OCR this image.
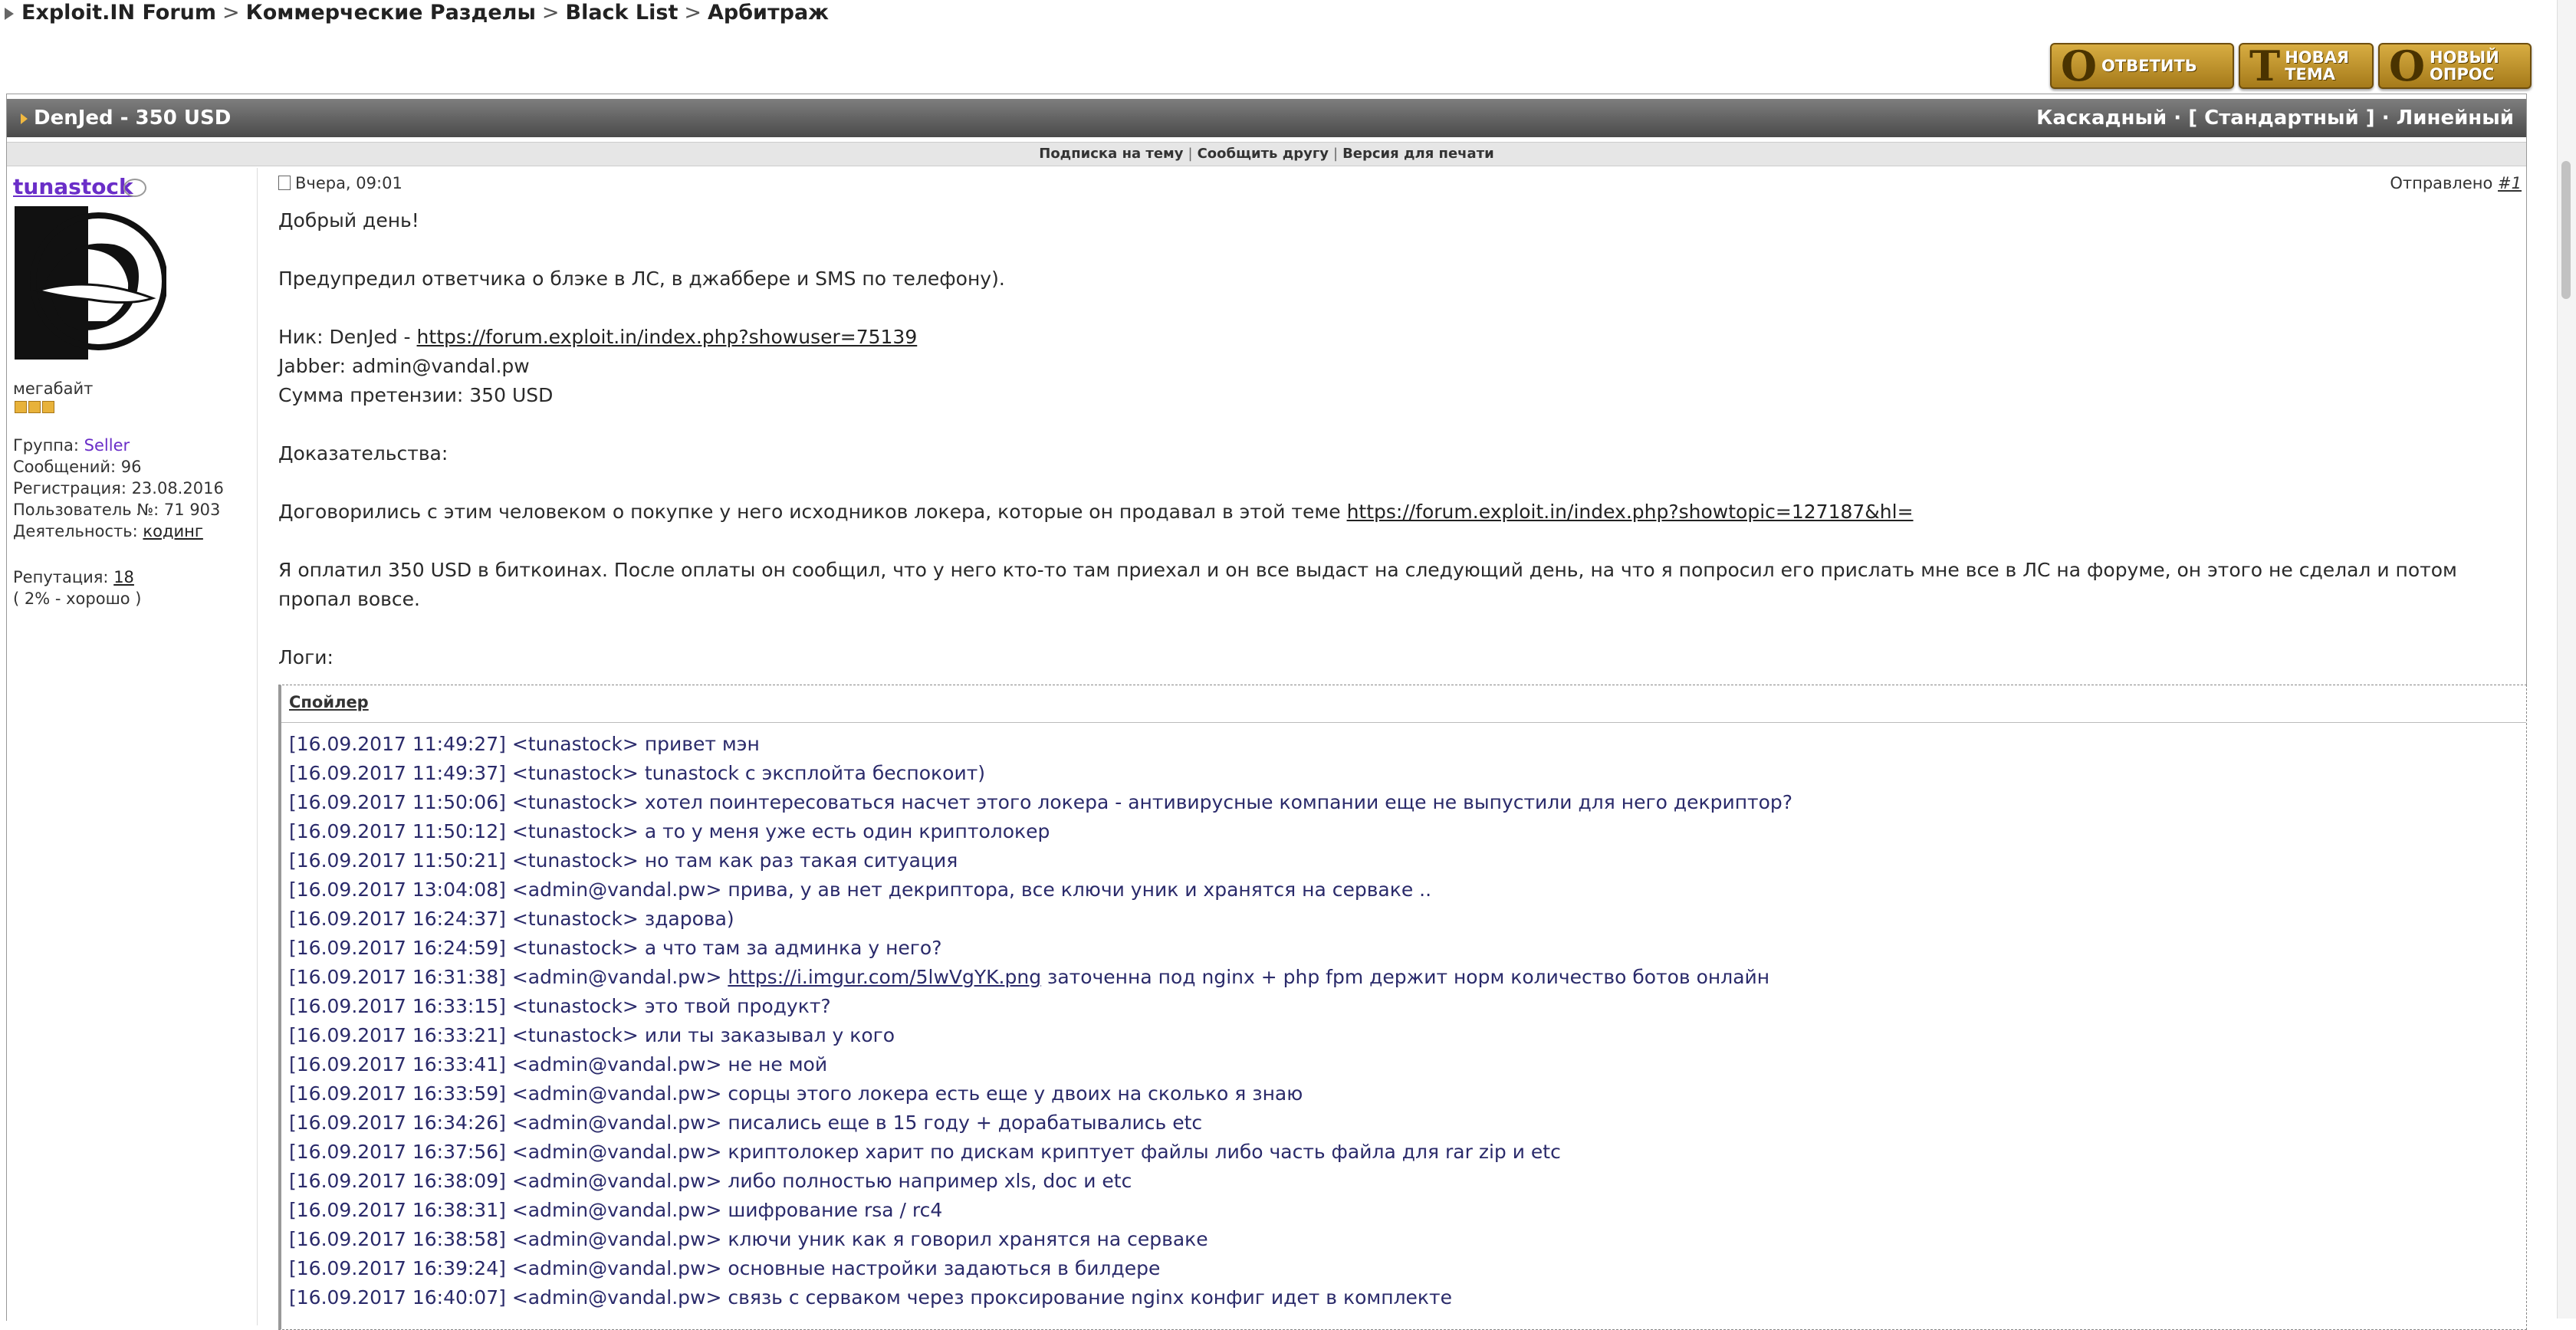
Exploit.IN Forum > Коммерческие Разделы > Black List > Арбитраж
О ОТВЕТИТЬ Т НОВАЯ
ТЕМА	О НОВЫЙ
ОПРОС
DenJed - 350 USD	Каскадный · [ Стандартный ] · Линейный
Подписка на тему | Сообщить другу | Версия для печати
tunastock
мегабайт
Группа: Seller
Сообщений: 96
Регистрация: 23.08.2016
Пользователь №: 71 903
Деятельность: кодинг
Репутация: 18
( 2% - хорошо )
Вчера, 09:01	Отправлено #1

Добрый день!

Предупредил ответчика о блэке в ЛС, в джаббере и SMS по телефону).

Ник: DenJed - https://forum.exploit.in/index.php?showuser=75139

Jabber: admin@vandal.pw

Сумма претензии: 350 USD

Доказательства:

Договорились с этим человеком о покупке у него исходников локера, которые он продавал в этой теме https://forum.exploit.in/index.php?showtopic=127187&hl=

Я оплатил 350 USD в биткоинах. После оплаты он сообщил, что у него кто-то там приехал и он все выдаст на следующий день, на что я попросил его прислать мне все в ЛС на форуме, он этого не сделал и потом пропал вовсе.

Логи:

Спойлер
[16.09.2017 11:49:27] <tunastock> привет мэн
[16.09.2017 11:49:37] <tunastock> tunastock с эксплойта беспокоит)
[16.09.2017 11:50:06] <tunastock> хотел поинтересоваться насчет этого локера - антивирусные компании еще не выпустили для него декриптор?
[16.09.2017 11:50:12] <tunastock> а то у меня уже есть один криптолокер
[16.09.2017 11:50:21] <tunastock> но там как раз такая ситуация
[16.09.2017 13:04:08] <admin@vandal.pw> прива, у ав нет декриптора, все ключи уник и хранятся на серваке ..
[16.09.2017 16:24:37] <tunastock> здарова)
[16.09.2017 16:24:59] <tunastock> а что там за админка у него?
[16.09.2017 16:31:38] <admin@vandal.pw> https://i.imgur.com/5lwVgYK.png заточенна под nginx + php fpm держит норм количество ботов онлайн
[16.09.2017 16:33:15] <tunastock> это твой продукт?
[16.09.2017 16:33:21] <tunastock> или ты заказывал у кого
[16.09.2017 16:33:41] <admin@vandal.pw> не не мой
[16.09.2017 16:33:59] <admin@vandal.pw> сорцы этого локера есть еще у двоих на сколько я знаю
[16.09.2017 16:34:26] <admin@vandal.pw> писались еще в 15 году + дорабатывались etc
[16.09.2017 16:37:56] <admin@vandal.pw> криптолокер харит по дискам криптует файлы либо часть файла для rar zip и etc
[16.09.2017 16:38:09] <admin@vandal.pw> либо полностью например xls, doc и etc
[16.09.2017 16:38:31] <admin@vandal.pw> шифрование rsa / rc4
[16.09.2017 16:38:58] <admin@vandal.pw> ключи уник как я говорил хранятся на серваке
[16.09.2017 16:39:24] <admin@vandal.pw> основные настройки задаються в билдере
[16.09.2017 16:40:07] <admin@vandal.pw> связь с серваком через проксирование nginx конфиг идет в комплекте
